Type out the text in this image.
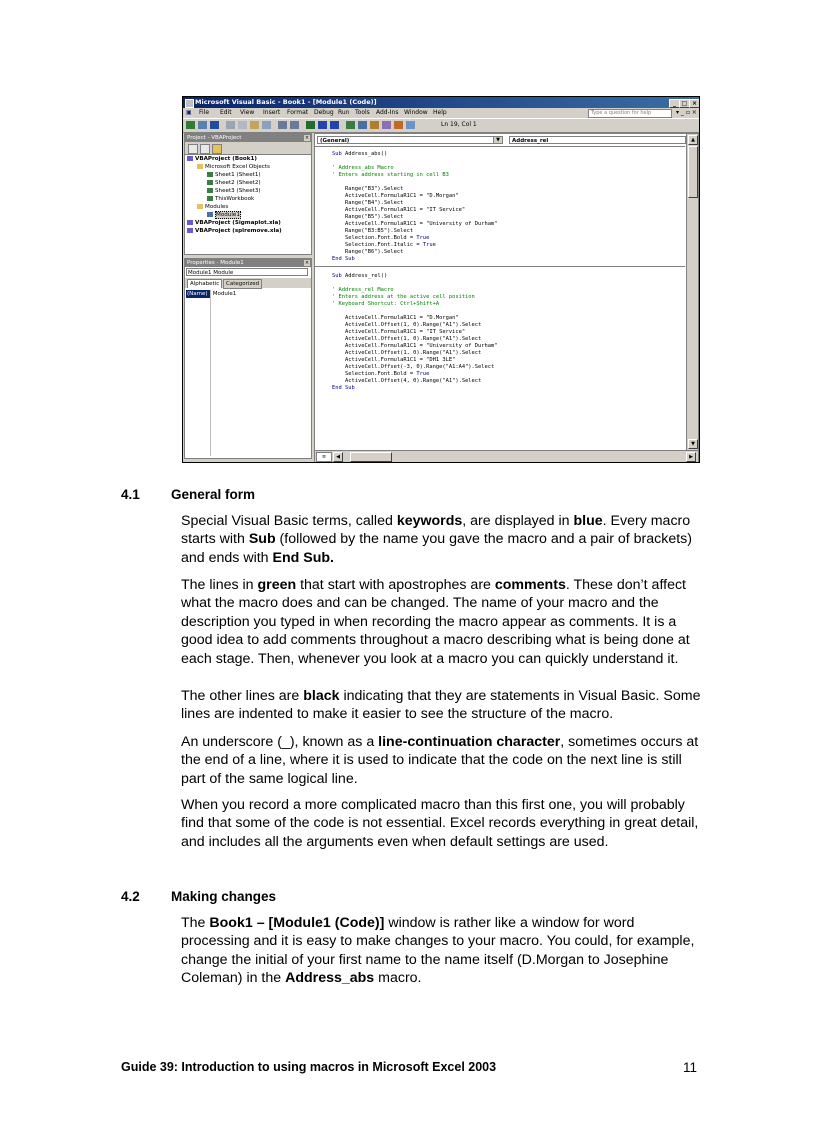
Microsoft Visual Basic - Book1 - [Module1 (Code)]	_ □ ×
▣ File Edit View Insert Format Debug Run Tools Add-Ins Window Help	Type a question for help	▾ _ ▫ ×
Ln 19, Col 1
Project - VBAProject	×
VBAProject (Book1)
Microsoft Excel Objects
Sheet1 (Sheet1)
Sheet2 (Sheet2)
Sheet3 (Sheet3)
ThisWorkbook
Modules
Module1
VBAProject (Sigmaplot.xla)
VBAProject (splremove.xla)
Properties - Module1	×
Module1 Module
Alphabetic	Categorized
(Name) Module1
(General)	▼	Address_rel
Sub Address_abs()
' Address_abs Macro
' Enters address starting in cell B3
Range("B3").Select
ActiveCell.FormulaR1C1 = "D.Morgan"
Range("B4").Select
ActiveCell.FormulaR1C1 = "IT Service"
Range("B5").Select
ActiveCell.FormulaR1C1 = "University of Durham"
Range("B3:B5").Select
Selection.Font.Bold = True
Selection.Font.Italic = True
Range("B6").Select
End Sub
Sub Address_rel()
' Address_rel Macro
' Enters address at the active cell position
' Keyboard Shortcut: Ctrl+Shift+A
ActiveCell.FormulaR1C1 = "D.Morgan"
ActiveCell.Offset(1, 0).Range("A1").Select
ActiveCell.FormulaR1C1 = "IT Service"
ActiveCell.Offset(1, 0).Range("A1").Select
ActiveCell.FormulaR1C1 = "University of Durham"
ActiveCell.Offset(1, 0).Range("A1").Select
ActiveCell.FormulaR1C1 = "DH1 3LE"
ActiveCell.Offset(-3, 0).Range("A1:A4").Select
Selection.Font.Bold = True
ActiveCell.Offset(4, 0).Range("A1").Select
End Sub
▲
▼
≡	◀	▶
4.1 General form
Special Visual Basic terms, called keywords, are displayed in blue. Every macro starts with Sub (followed by the name you gave the macro and a pair of brackets) and ends with End Sub.
The lines in green that start with apostrophes are comments. These don’t affect what the macro does and can be changed. The name of your macro and the description you typed in when recording the macro appear as comments. It is a good idea to add comments throughout a macro describing what is being done at each stage. Then, whenever you look at a macro you can quickly understand it.
The other lines are black indicating that they are statements in Visual Basic. Some lines are indented to make it easier to see the structure of the macro.
An underscore (_), known as a line-continuation character, sometimes occurs at the end of a line, where it is used to indicate that the code on the next line is still part of the same logical line.
When you record a more complicated macro than this first one, you will probably find that some of the code is not essential. Excel records everything in great detail, and includes all the arguments even when default settings are used.
4.2 Making changes
The Book1 – [Module1 (Code)] window is rather like a window for word processing and it is easy to make changes to your macro. You could, for example, change the initial of your first name to the name itself (D.Morgan to Josephine Coleman) in the Address_abs macro.
Guide 39: Introduction to using macros in Microsoft Excel 2003	11
